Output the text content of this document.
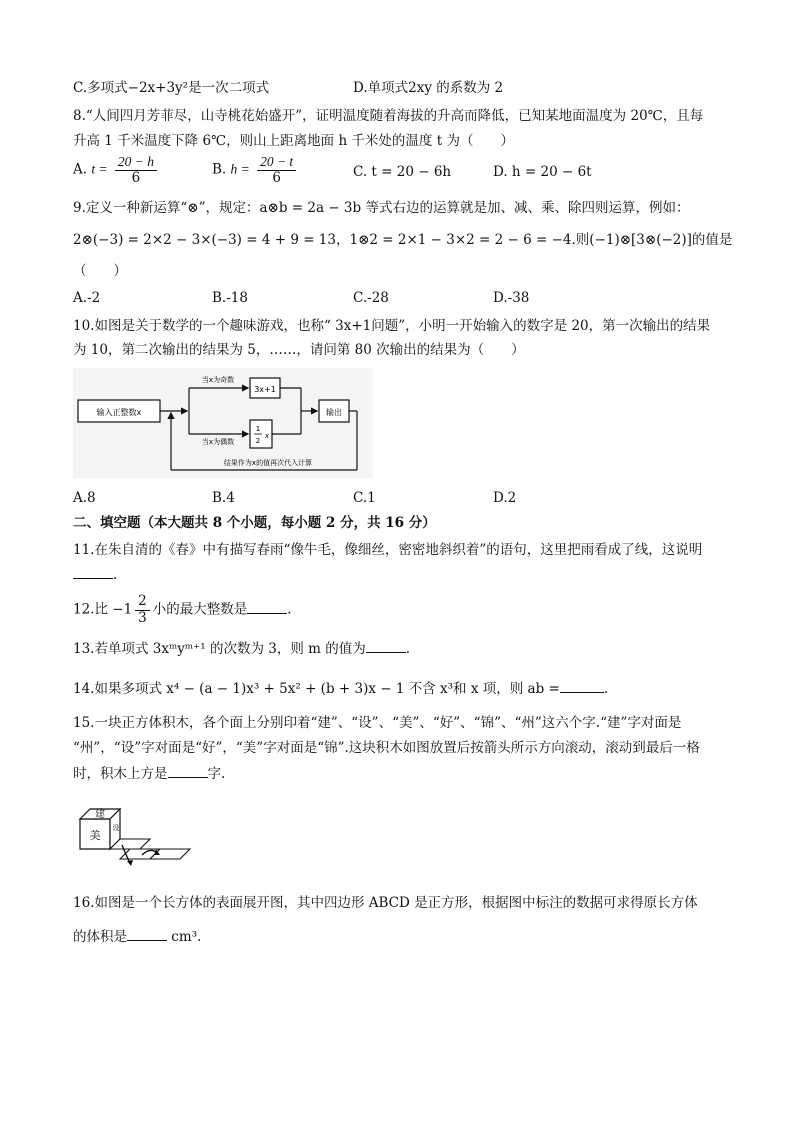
C.多项式−2x+3y²是一次二项式	D.单项式2xy 的系数为 2
8.“人间四月芳菲尽，山寺桃花始盛开”，证明温度随着海拔的升高而降低，已知某地面温度为 20℃，且每
升高 1 千米温度下降 6℃，则山上距离地面 h 千米处的温度 t 为（　　）
A. $t = \frac{20 - h}{6}$	B. $h = \frac{20 - t}{6}$	C. t = 20 − 6h	D. h = 20 − 6t
9.定义一种新运算“⊗”，规定：a⊗b = 2a − 3b 等式右边的运算就是加、减、乘、除四则运算，例如：
2⊗(−3) = 2×2 − 3×(−3) = 4 + 9 = 13，1⊗2 = 2×1 − 3×2 = 2 − 6 = −4.则(−1)⊗[3⊗(−2)]的值是
（　　）
A.-2	B.-18	C.-28	D.-38
10.如图是关于数学的一个趣味游戏，也称“ 3x+1问题”，小明一开始输入的数字是 20，第一次输出的结果
为 10，第二次输出的结果为 5，……，请问第 80 次输出的结果为（　　）
输入正整数x
当x为奇数
当x为偶数
3x+1
1
2
x
输出
结果作为x的值再次代入计算
A.8	B.4	C.1	D.2
二、填空题（本大题共 8 个小题，每小题 2 分，共 16 分）
11.在朱自清的《春》中有描写春雨“像牛毛，像细丝，密密地斜织着”的语句，这里把雨看成了线，这说明
.
12.比 $-1 \frac{2}{3}$ 小的最大整数是	.
13.若单项式 3xᵐyᵐ⁺¹ 的次数为 3，则 m 的值为	.
14.如果多项式 x⁴ − (a − 1)x³ + 5x² + (b + 3)x − 1 不含 x³和 x 项，则 ab =	.
15.一块正方体积木，各个面上分别印着“建”、“设”、“美”、“好”、“锦”、“州”这六个字.“建”字对面是
“州”，“设”字对面是“好”，“美”字对面是“锦”.这块积木如图放置后按箭头所示方向滚动，滚动到最后一格
时，积木上方是	字.
建
美
设
16.如图是一个长方体的表面展开图，其中四边形 ABCD 是正方形，根据图中标注的数据可求得原长方体
的体积是	cm³.
